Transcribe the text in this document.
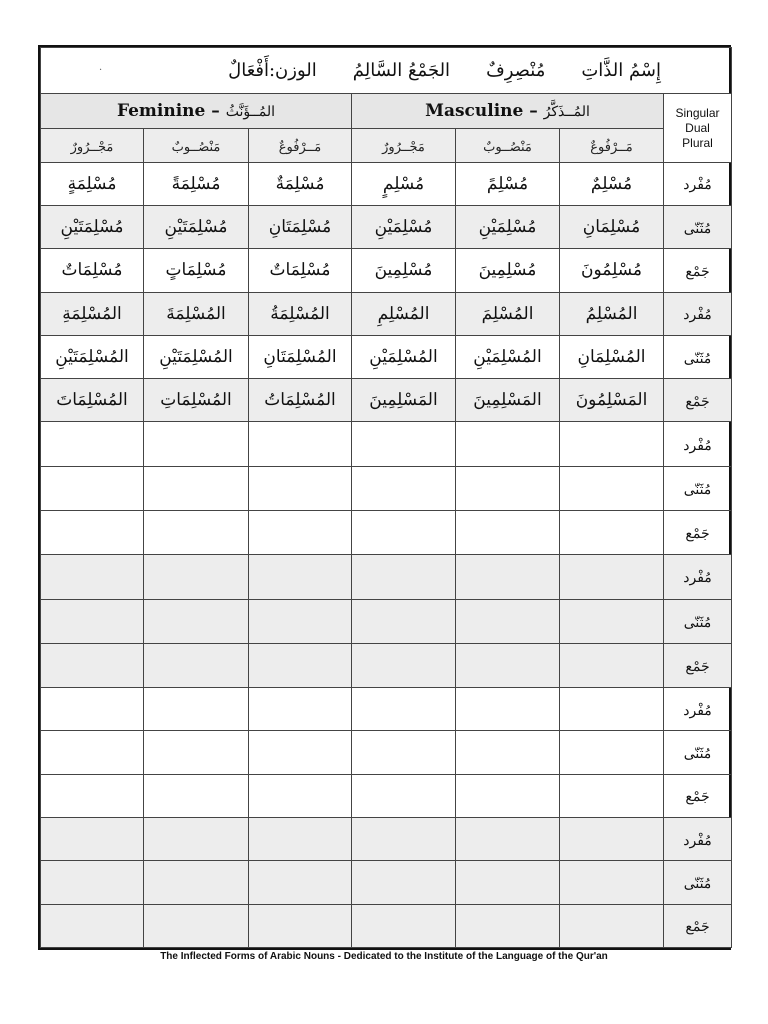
إِسْمُ الذَّاتِ
مُنْصِرِفٌ
الجَمْعُ السَّالِمُ
الوزن:أَفْعَالٌ
·						

Feminine – المُــؤَنَّثُ			Masculine – المُــذَكَّرُ			Singular
Dual
Plural

مَجْــرُورٌ	مَنْصُــوبٌ	مَــرْفُوعٌ	مَجْــرُورٌ	مَنْصُــوبٌ	مَــرْفُوعٌ	
مُسْلِمَةٍ	مُسْلِمَةً	مُسْلِمَةٌ	مُسْلِمٍ	مُسْلِمً	مُسْلِمٌ	مُفْرد
مُسْلِمَتَيْنِ	مُسْلِمَتَيْنِ	مُسْلِمَتَانِ	مُسْلِمَيْنِ	مُسْلِمَيْنِ	مُسْلِمَانِ	مُثَنّى
مُسْلِمَاتٌ	مُسْلِمَاتٍ	مُسْلِمَاتٌ	مُسْلِمِينَ	مُسْلِمِينَ	مُسْلِمُونَ	جَمْع
المُسْلِمَةِ	المُسْلِمَةَ	المُسْلِمَةُ	المُسْلِمِ	المُسْلِمَ	المُسْلِمُ	مُفْرد
المُسْلِمَتَيْنِ	المُسْلِمَتَيْنِ	المُسْلِمَتَانِ	المُسْلِمَيْنِ	المُسْلِمَيْنِ	المُسْلِمَانِ	مُثَنّى
المُسْلِمَاتَ	المُسْلِمَاتِ	المُسْلِمَاتُ	المَسْلِمِينَ	المَسْلِمِينَ	المَسْلِمُونَ	جَمْع
						مُفْرد
						مُثَنّى
						جَمْع
						مُفْرد
						مُثَنّى
						جَمْع
						مُفْرد
						مُثَنّى
						جَمْع
						مُفْرد
						مُثَنّى
						جَمْع
The Inflected Forms of Arabic Nouns - Dedicated to the Institute of the Language of the Qur'an
